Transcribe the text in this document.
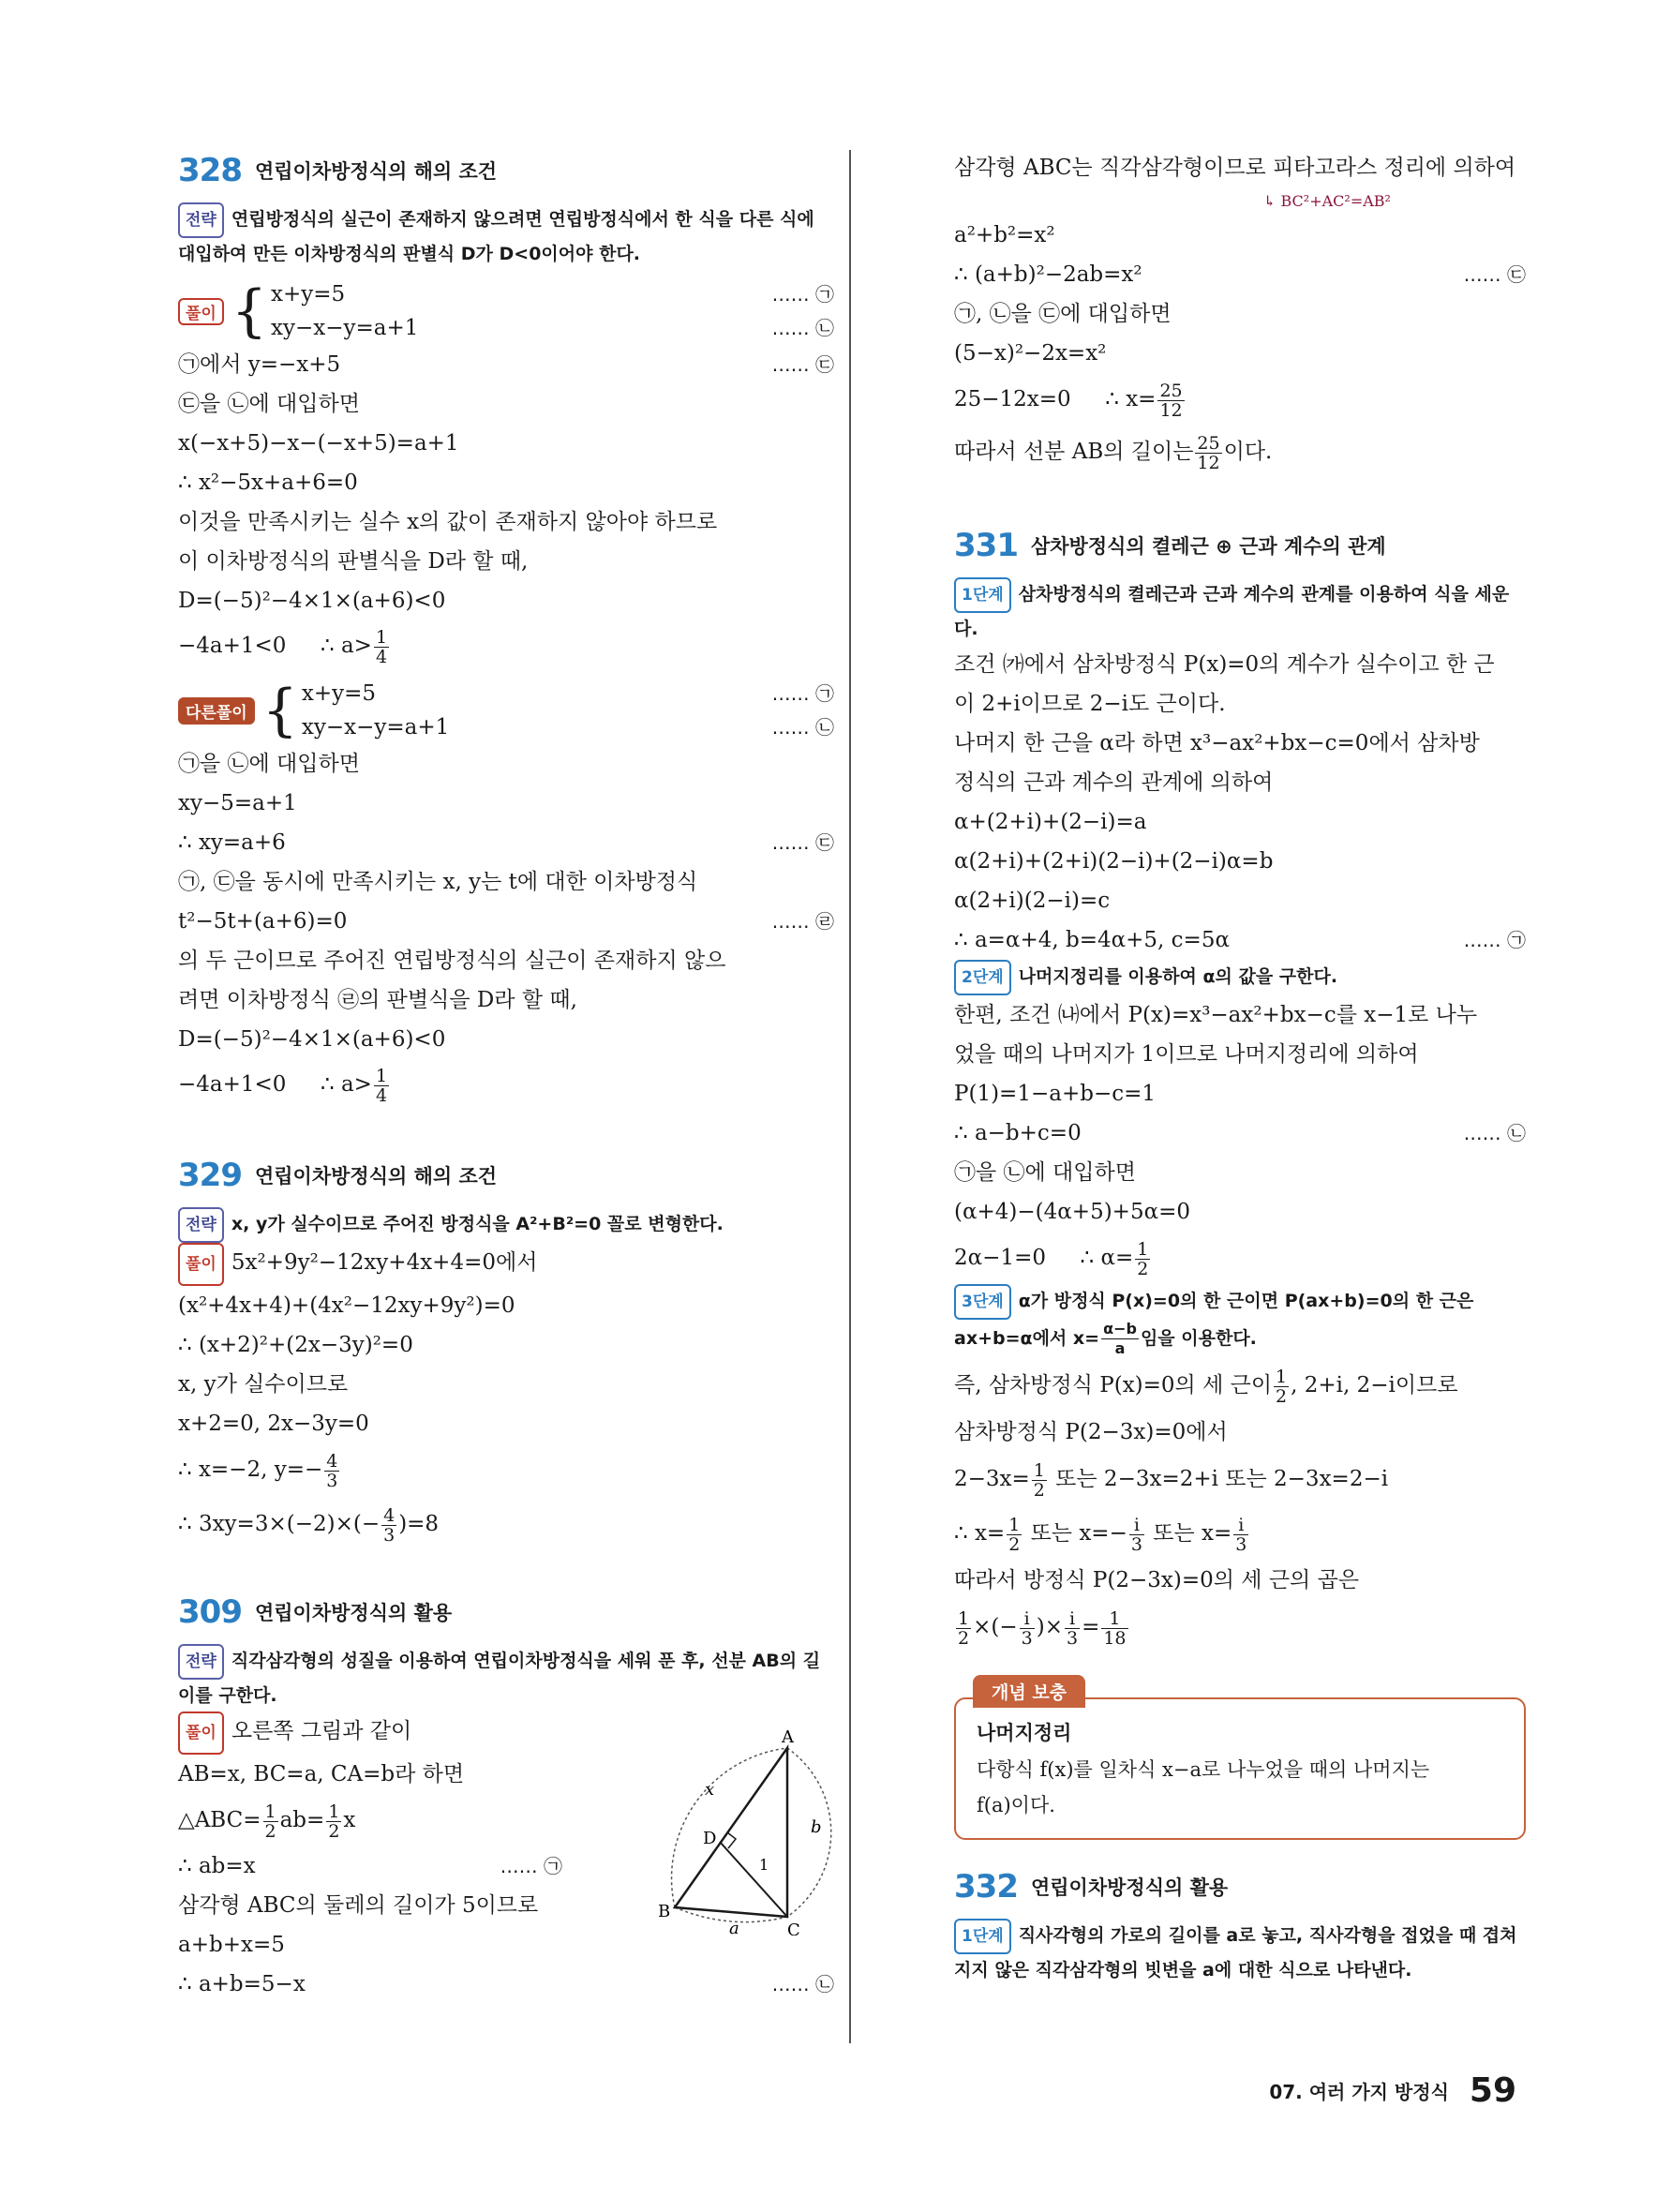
328 연립이차방정식의 해의 조건
전략 연립방정식의 실근이 존재하지 않으려면 연립방정식에서 한 식을 다른 식에 대입하여 만든 이차방정식의 판별식 D가 D<0이어야 한다.
풀이 { x+y=5	…… ㉠
xy−x−y=a+1	…… ㉡
㉠에서 y=−x+5	…… ㉢
㉢을 ㉡에 대입하면
x(−x+5)−x−(−x+5)=a+1
∴ x²−5x+a+6=0
이것을 만족시키는 실수 x의 값이 존재하지 않아야 하므로
이 이차방정식의 판별식을 D라 할 때,
D=(−5)²−4×1×(a+6)<0
−4a+1<0 ∴ $a> \frac{1}{4}$
다른풀이 { x+y=5	…… ㉠
xy−x−y=a+1	…… ㉡
㉠을 ㉡에 대입하면
xy−5=a+1
∴ xy=a+6	…… ㉢
㉠, ㉢을 동시에 만족시키는 x, y는 t에 대한 이차방정식
t²−5t+(a+6)=0	…… ㉣
의 두 근이므로 주어진 연립방정식의 실근이 존재하지 않으
려면 이차방정식 ㉣의 판별식을 D라 할 때,
D=(−5)²−4×1×(a+6)<0
−4a+1<0 ∴ $a> \frac{1}{4}$
329 연립이차방정식의 해의 조건
전략 x, y가 실수이므로 주어진 방정식을 A²+B²=0 꼴로 변형한다.
풀이 5x²+9y²−12xy+4x+4=0에서
(x²+4x+4)+(4x²−12xy+9y²)=0
∴ (x+2)²+(2x−3y)²=0
x, y가 실수이므로
x+2=0, 2x−3y=0
∴ x=−2, $y=- \frac{4}{3}$
∴ $3xy=3\times(-2)\times(- \frac{4}{3} )=8$
309 연립이차방정식의 활용
전략 직각삼각형의 성질을 이용하여 연립이차방정식을 세워 푼 후, 선분 AB의 길이를 구한다.
풀이 오른쪽 그림과 같이
AB=x, BC=a, CA=b라 하면
△ABC= $\frac{1}{2} ab= \frac{1}{2}$ x
∴ ab=x	…… ㉠
삼각형 ABC의 둘레의 길이가 5이므로
a+b+x=5
∴ a+b=5−x	…… ㉡
A
B
C
D
x
b
a
1
삼각형 ABC는 직각삼각형이므로 피타고라스 정리에 의하여
↳ BC²+AC²=AB²
a²+b²=x²
∴ (a+b)²−2ab=x²	…… ㉢
㉠, ㉡을 ㉢에 대입하면
(5−x)²−2x=x²
25−12x=0 ∴ $x= \frac{25}{12}$
따라서 선분 AB의 길이는 $\frac{25}{12}$ 이다.
331 삼차방정식의 켤레근 ⊕ 근과 계수의 관계
1단계 삼차방정식의 켤레근과 근과 계수의 관계를 이용하여 식을 세운다.
조건 ㈎에서 삼차방정식 P(x)=0의 계수가 실수이고 한 근
이 2+i이므로 2−i도 근이다.
나머지 한 근을 α라 하면 x³−ax²+bx−c=0에서 삼차방
정식의 근과 계수의 관계에 의하여
α+(2+i)+(2−i)=a
α(2+i)+(2+i)(2−i)+(2−i)α=b
α(2+i)(2−i)=c
∴ a=α+4, b=4α+5, c=5α	…… ㉠
2단계 나머지정리를 이용하여 α의 값을 구한다.
한편, 조건 ㈏에서 P(x)=x³−ax²+bx−c를 x−1로 나누
었을 때의 나머지가 1이므로 나머지정리에 의하여
P(1)=1−a+b−c=1
∴ a−b+c=0	…… ㉡
㉠을 ㉡에 대입하면
(α+4)−(4α+5)+5α=0
2α−1=0 ∴ $\alpha= \frac{1}{2}$
3단계 α가 방정식 P(x)=0의 한 근이면 P(ax+b)=0의 한 근은
ax+b=α에서 $x= \frac{\alpha-b}{a}$ 임을 이용한다.
즉, 삼차방정식 P(x)=0의 세 근이 $\frac{1}{2}$ , 2+i, 2−i이므로
삼차방정식 P(2−3x)=0에서
$2-3x= \frac{1}{2}$ 또는 2−3x=2+i 또는 2−3x=2−i
∴ $x= \frac{1}{2}$ 또는 $x=- \frac{i}{3}$ 또는 $x= \frac{i}{3}$
따라서 방정식 P(2−3x)=0의 세 근의 곱은
$\frac{1}{2}$ ×(− $\frac{i}{3}$ )× $\frac{i}{3} = \frac{1}{18}$
개념 보충
나머지정리
다항식 f(x)를 일차식 x−a로 나누었을 때의 나머지는
f(a)이다.
332 연립이차방정식의 활용
1단계 직사각형의 가로의 길이를 a로 놓고, 직사각형을 접었을 때 겹쳐지지 않은 직각삼각형의 빗변을 a에 대한 식으로 나타낸다.
07. 여러 가지 방정식 59
